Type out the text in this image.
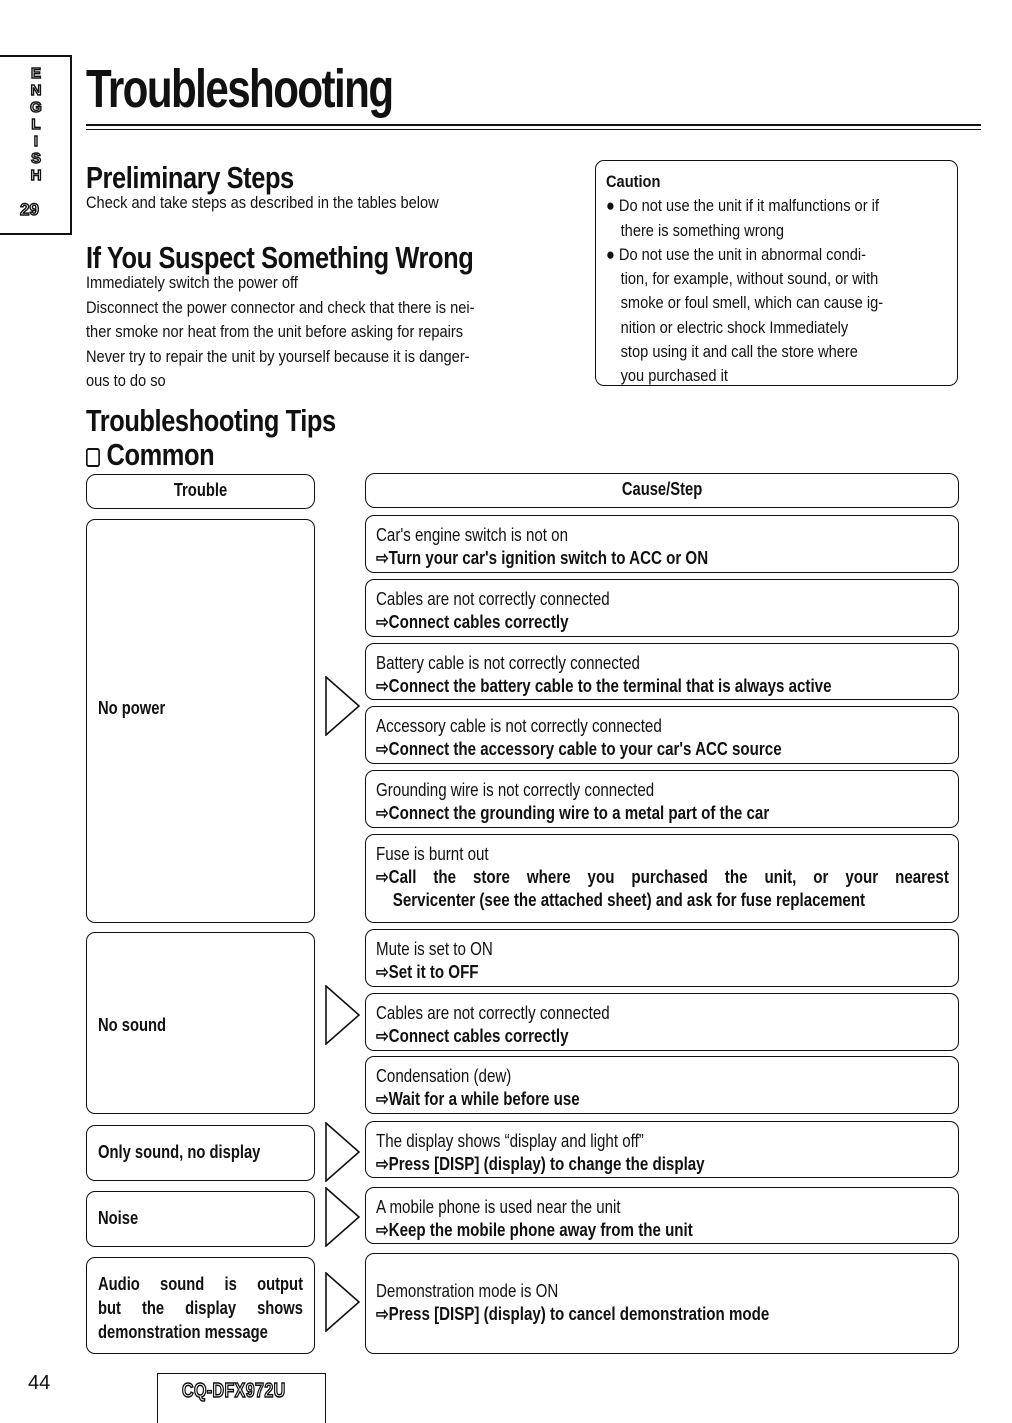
E
N
G
L
I
S
H
29
Troubleshooting
Preliminary Steps
Check and take steps as described in the tables below
If You Suspect Something Wrong
Immediately switch the power off
Disconnect the power connector and check that there is nei-
ther smoke nor heat from the unit before asking for repairs
Never try to repair the unit by yourself because it is danger-
ous to do so
Caution
● Do not use the unit if it malfunctions or if
there is something wrong
● Do not use the unit in abnormal condi-
tion, for example, without sound, or with
smoke or foul smell, which can cause ig-
nition or electric shock Immediately
stop using it and call the store where
you purchased it
Troubleshooting Tips
Common
Trouble	Cause/Step
No power
No sound
Only sound, no display
Noise
Audio sound is output
but the display shows
demonstration message
Car's engine switch is not on
⇨Turn your car's ignition switch to ACC or ON
Cables are not correctly connected
⇨Connect cables correctly
Battery cable is not correctly connected
⇨Connect the battery cable to the terminal that is always active
Accessory cable is not correctly connected
⇨Connect the accessory cable to your car's ACC source
Grounding wire is not correctly connected
⇨Connect the grounding wire to a metal part of the car
Fuse is burnt out
⇨Call the store where you purchased the unit, or your nearest
Servicenter (see the attached sheet) and ask for fuse replacement
Mute is set to ON
⇨Set it to OFF
Cables are not correctly connected
⇨Connect cables correctly
Condensation (dew)
⇨Wait for a while before use
The display shows “display and light off”
⇨Press [DISP] (display) to change the display
A mobile phone is used near the unit
⇨Keep the mobile phone away from the unit
Demonstration mode is ON
⇨Press [DISP] (display) to cancel demonstration mode
44	CQ-DFX972U
